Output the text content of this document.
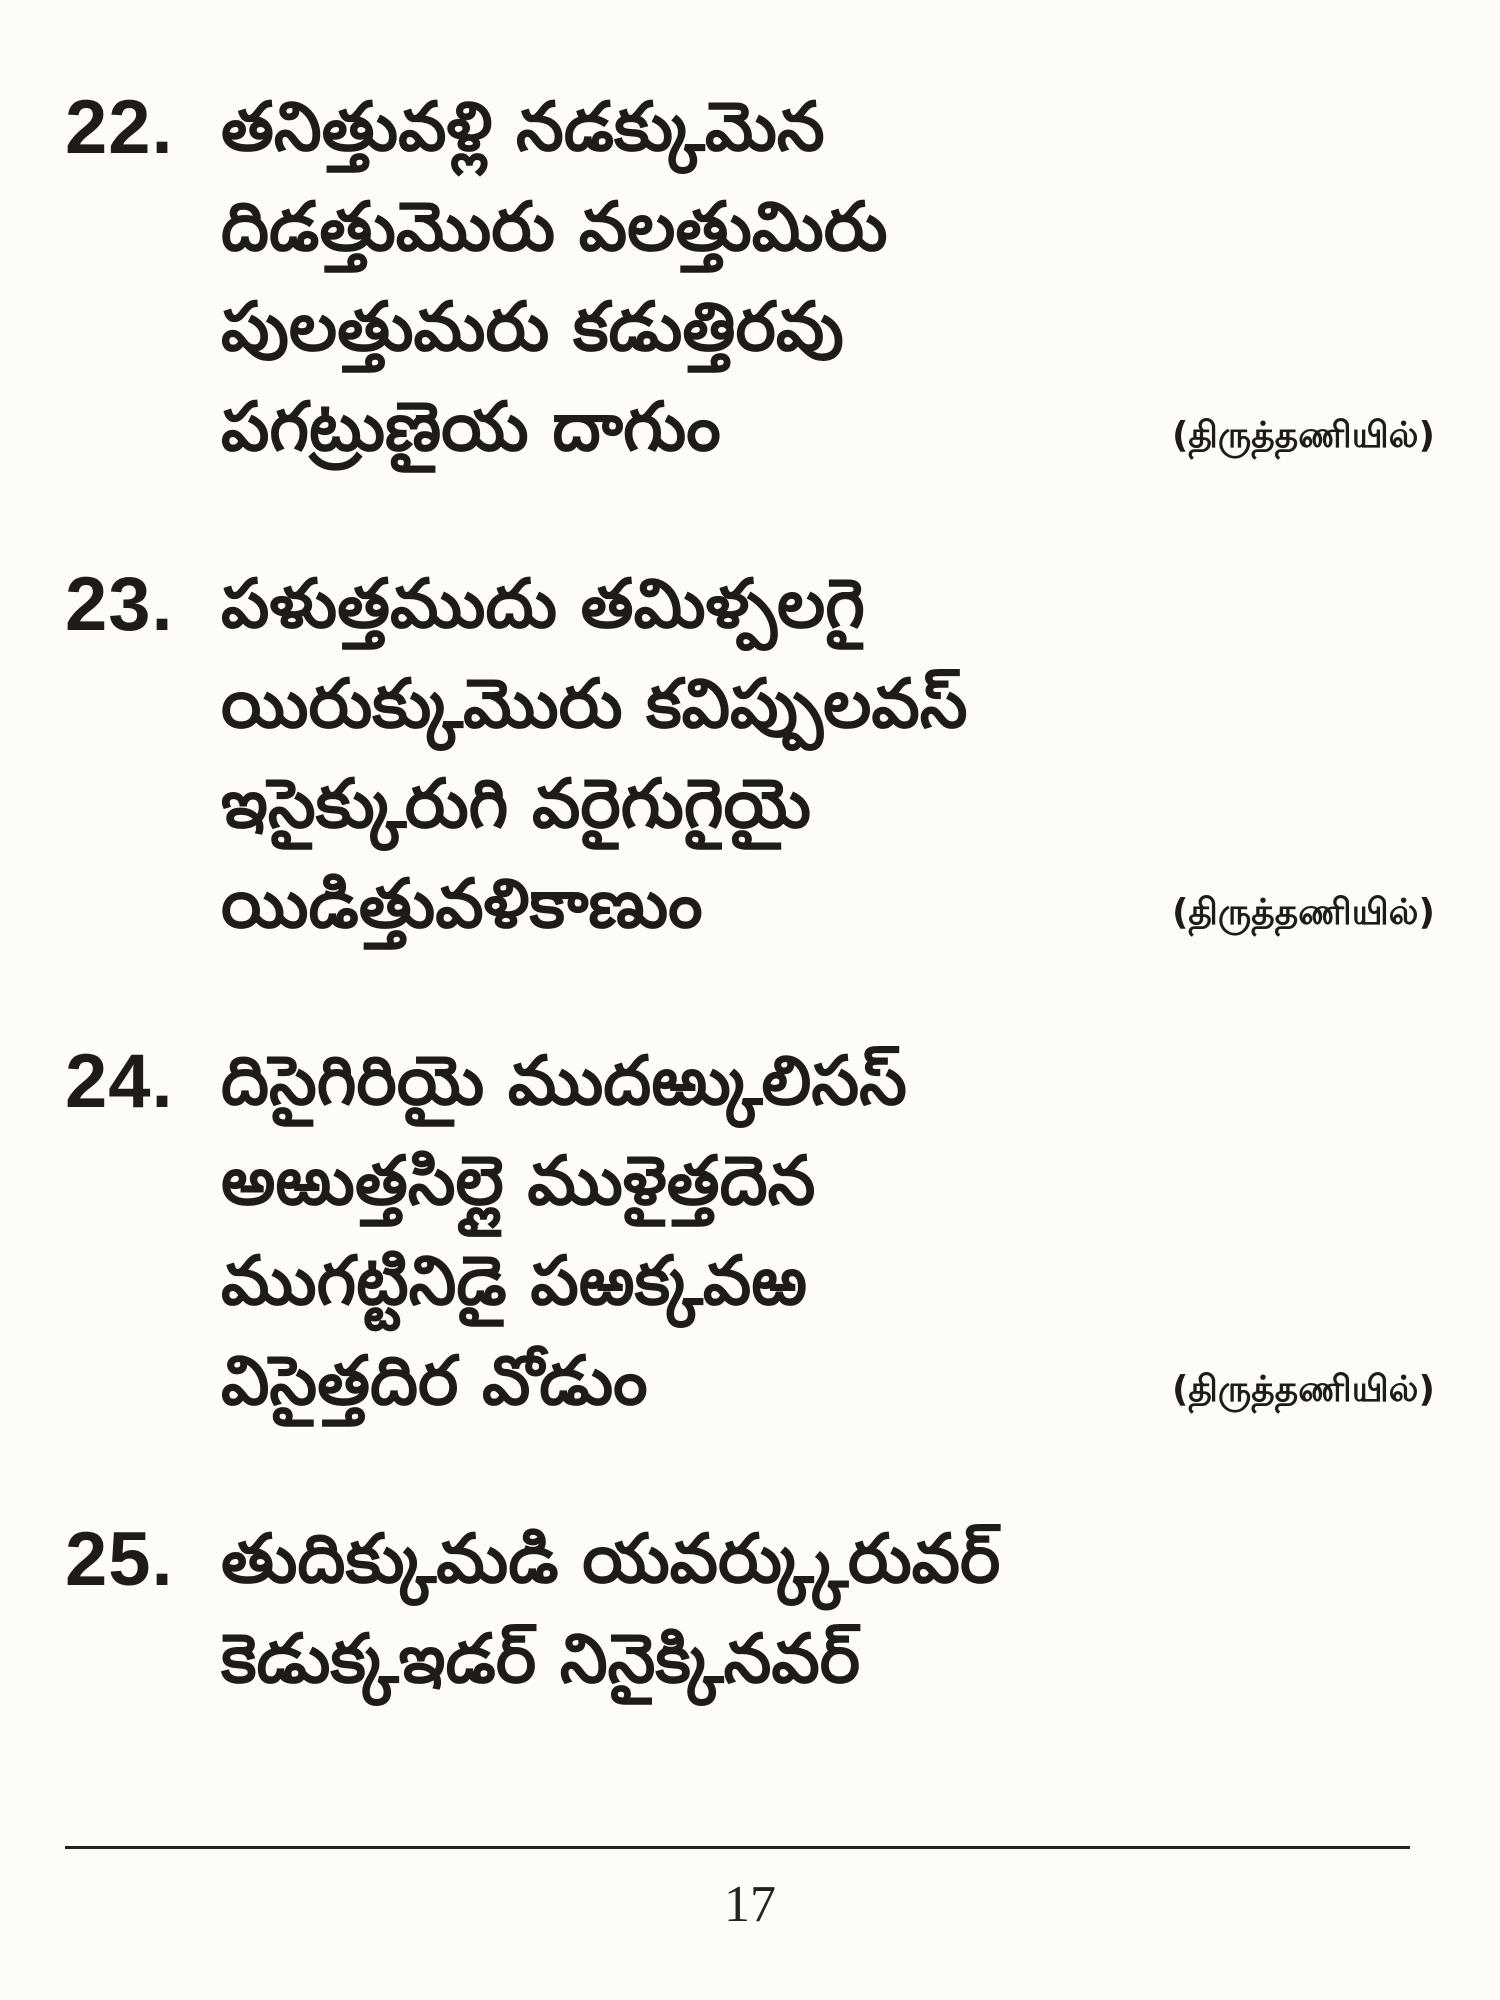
22. తనిత్తువళ్లి నడక్కుమెన
దిడత్తుమొరు వలత్తుమిరు
పులత్తుమరు కడుత్తిరవు
పగట్రుణైయ దాగుం	(திருத்தணியில்)
23. పళుత్తముదు తమిళ్పలగై
యిరుక్కుమొరు కవిప్పులవస్
ఇసైక్కురుగి వరైగుగైయై
యిడిత్తువళికాణుం	(திருத்தணியில்)
24. దిసైగిరియై ముదఱ్కులిసస్
అఱుత్తసిల్లై ముళైత్తదెన
ముగట్టినిడై పఱక్కవఱ
విసైత్తదిర వోడుం	(திருத்தணியில்)
25. తుదిక్కుమడి యవర్క్కురువర్
కెడుక్కఇడర్ నినైక్కినవర్
17
